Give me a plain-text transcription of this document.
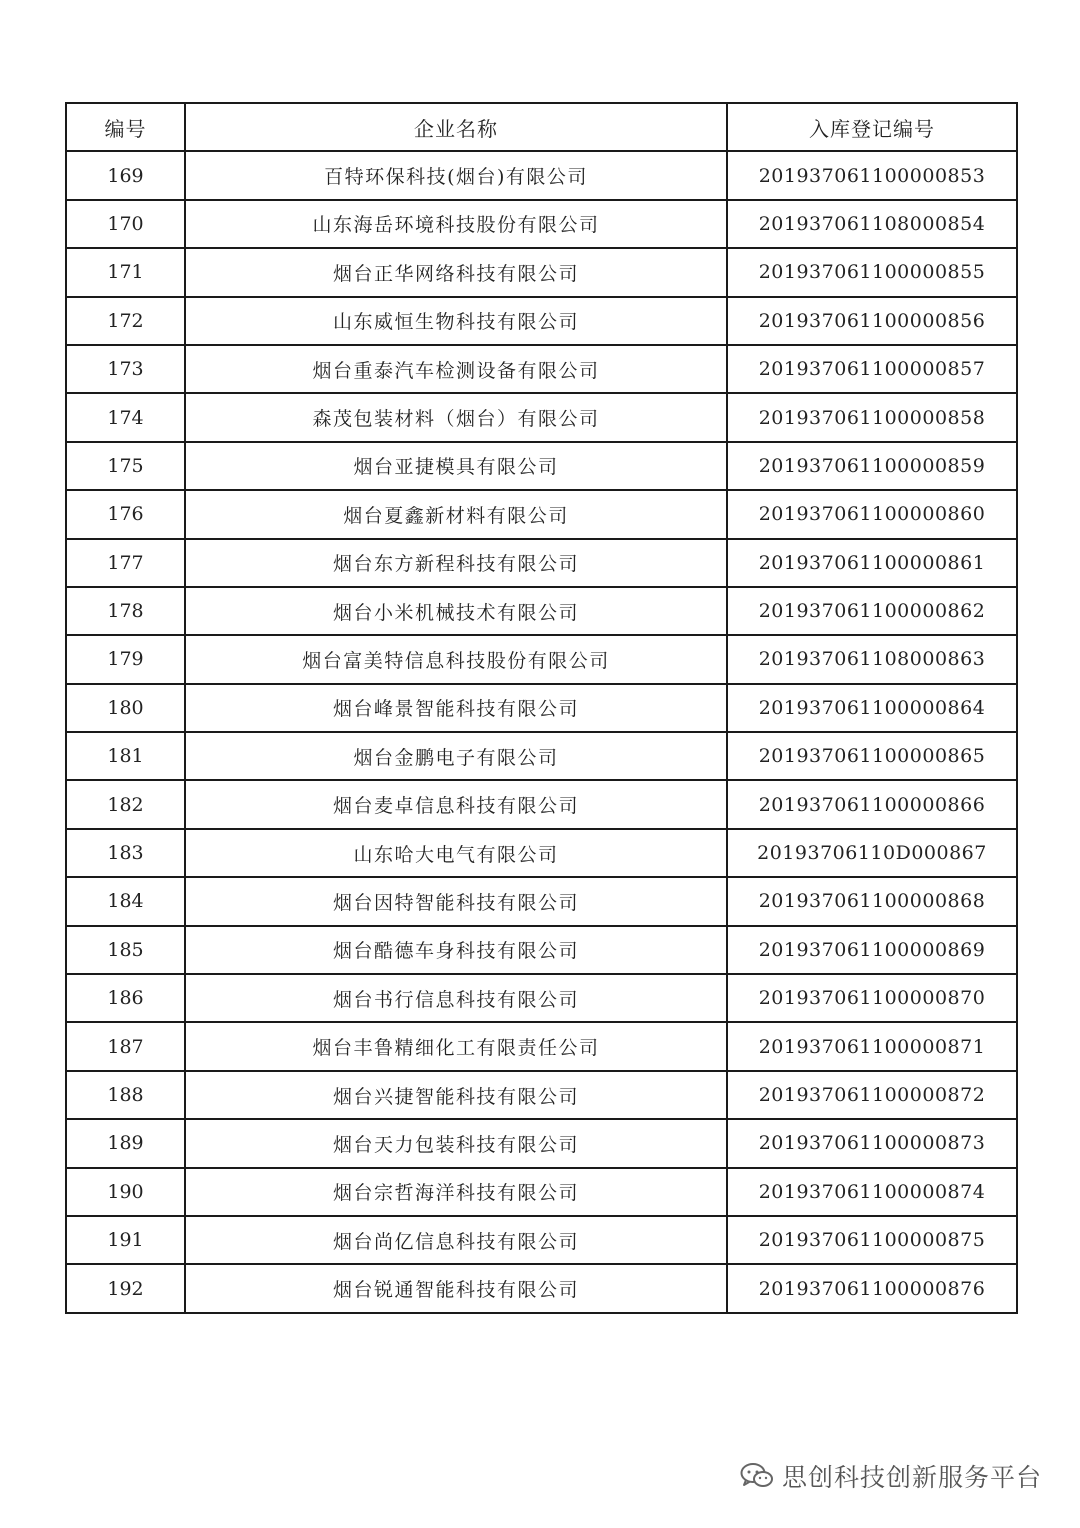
编号	企业名称	入库登记编号
169	百特环保科技(烟台)有限公司	201937061100000853
170	山东海岳环境科技股份有限公司	201937061108000854
171	烟台正华网络科技有限公司	201937061100000855
172	山东威恒生物科技有限公司	201937061100000856
173	烟台重泰汽车检测设备有限公司	201937061100000857
174	森茂包装材料（烟台）有限公司	201937061100000858
175	烟台亚捷模具有限公司	201937061100000859
176	烟台夏鑫新材料有限公司	201937061100000860
177	烟台东方新程科技有限公司	201937061100000861
178	烟台小米机械技术有限公司	201937061100000862
179	烟台富美特信息科技股份有限公司	201937061108000863
180	烟台峰景智能科技有限公司	201937061100000864
181	烟台金鹏电子有限公司	201937061100000865
182	烟台麦卓信息科技有限公司	201937061100000866
183	山东哈大电气有限公司	20193706110D000867
184	烟台因特智能科技有限公司	201937061100000868
185	烟台酷德车身科技有限公司	201937061100000869
186	烟台书行信息科技有限公司	201937061100000870
187	烟台丰鲁精细化工有限责任公司	201937061100000871
188	烟台兴捷智能科技有限公司	201937061100000872
189	烟台天力包装科技有限公司	201937061100000873
190	烟台宗哲海洋科技有限公司	201937061100000874
191	烟台尚亿信息科技有限公司	201937061100000875
192	烟台锐通智能科技有限公司	201937061100000876
思创科技创新服务平台
